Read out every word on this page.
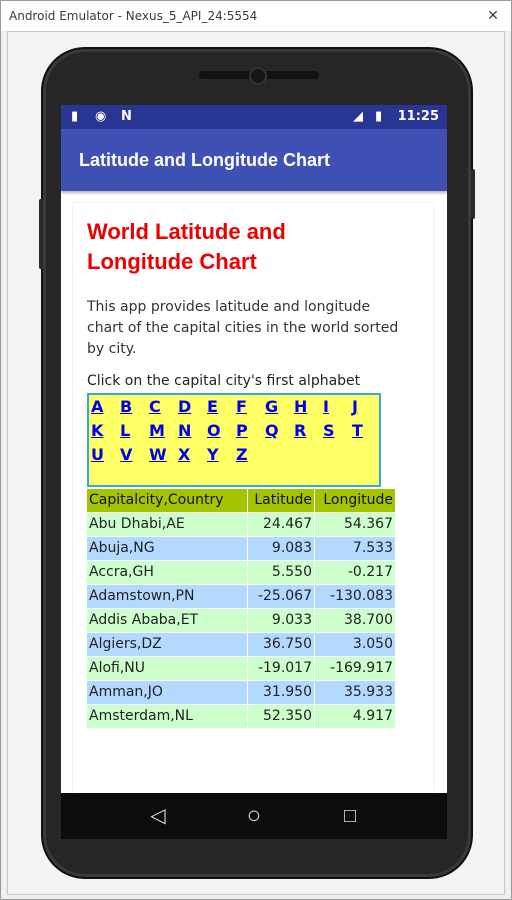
Android Emulator - Nexus_5_API_24:5554	✕
▮ ◉ N	◢ ▮ 11:25
Latitude and Longitude Chart
World Latitude and
Longitude Chart
This app provides latitude and longitude
chart of the capital cities in the world sorted
by city.
Click on the capital city's first alphabet
A B C D E F G H I J
K L M N O P Q R S T
U V W X Y Z
Capitalcity,Country	Latitude Longitude
Abu Dhabi,AE	24.467	54.367
Abuja,NG	9.083	7.533
Accra,GH	5.550	-0.217
Adamstown,PN	-25.067	-130.083
Addis Ababa,ET	9.033	38.700
Algiers,DZ	36.750	3.050
Alofi,NU	-19.017	-169.917
Amman,JO	31.950	35.933
Amsterdam,NL	52.350	4.917
◁	○	□
